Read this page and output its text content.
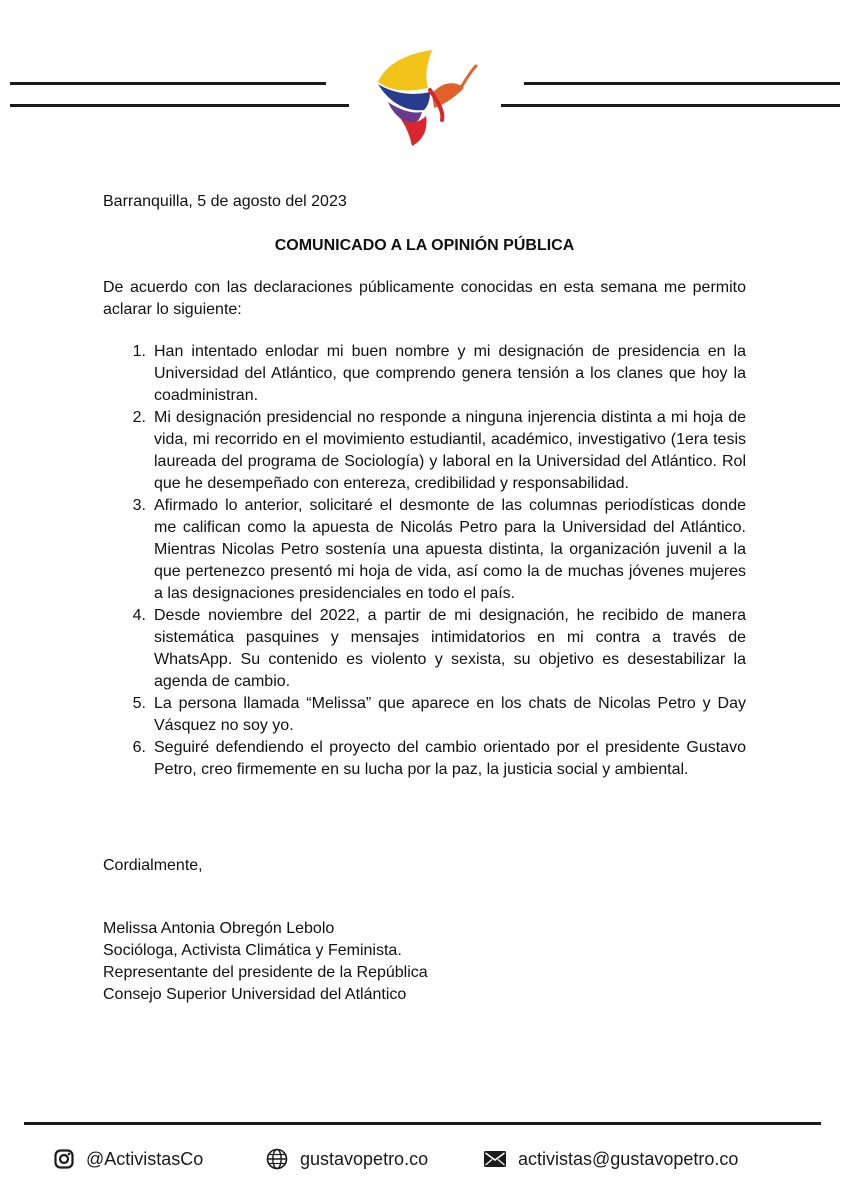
Barranquilla, 5 de agosto del 2023
COMUNICADO A LA OPINIÓN PÚBLICA

De acuerdo con las declaraciones públicamente conocidas en esta semana me permito aclarar lo siguiente:

1. Han intentado enlodar mi buen nombre y mi designación de presidencia en la Universidad del Atlántico, que comprendo genera tensión a los clanes que hoy la coadministran.
2. Mi designación presidencial no responde a ninguna injerencia distinta a mi hoja de vida, mi recorrido en el movimiento estudiantil, académico, investigativo (1era tesis laureada del programa de Sociología) y laboral en la Universidad del Atlántico. Rol que he desempeñado con entereza, credibilidad y responsabilidad.
3. Afirmado lo anterior, solicitaré el desmonte de las columnas periodísticas donde me califican como la apuesta de Nicolás Petro para la Universidad del Atlántico. Mientras Nicolas Petro sostenía una apuesta distinta, la organización juvenil a la que pertenezco presentó mi hoja de vida, así como la de muchas jóvenes mujeres a las designaciones presidenciales en todo el país.
4. Desde noviembre del 2022, a partir de mi designación, he recibido de manera sistemática pasquines y mensajes intimidatorios en mi contra a través de WhatsApp. Su contenido es violento y sexista, su objetivo es desestabilizar la agenda de cambio.
5. La persona llamada “Melissa” que aparece en los chats de Nicolas Petro y Day Vásquez no soy yo.
6. Seguiré defendiendo el proyecto del cambio orientado por el presidente Gustavo Petro, creo firmemente en su lucha por la paz, la justicia social y ambiental.
Cordialmente,
Melissa Antonia Obregón Lebolo
Socióloga, Activista Climática y Feminista.
Representante del presidente de la República
Consejo Superior Universidad del Atlántico
@ActivistasCo	gustavopetro.co	activistas@gustavopetro.co
